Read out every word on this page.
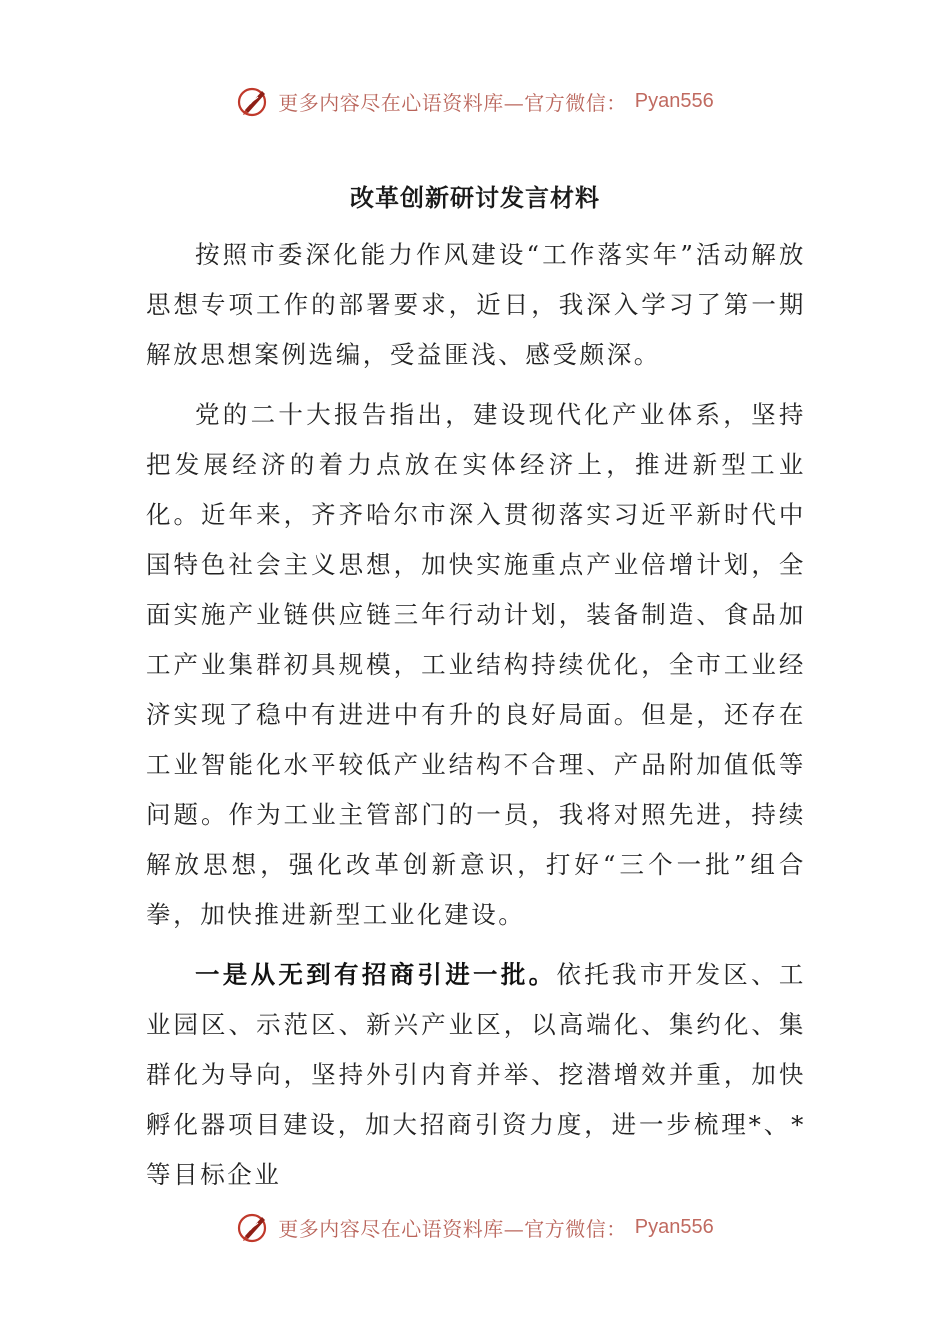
更多内容尽在心语资料库—官方微信： Pyan556
改革创新研讨发言材料

按照市委深化能力作风建设“工作落实年”活动解放思想专项工作的部署要求，近日，我深入学习了第一期解放思想案例选编，受益匪浅、感受颇深。

党的二十大报告指出，建设现代化产业体系，坚持把发展经济的着力点放在实体经济上，推进新型工业化。近年来，齐齐哈尔市深入贯彻落实习近平新时代中国特色社会主义思想，加快实施重点产业倍增计划，全面实施产业链供应链三年行动计划，装备制造、食品加工产业集群初具规模，工业结构持续优化，全市工业经济实现了稳中有进进中有升的良好局面。但是，还存在工业智能化水平较低产业结构不合理、产品附加值低等问题。作为工业主管部门的一员，我将对照先进，持续解放思想，强化改革创新意识，打好“三个一批”组合拳，加快推进新型工业化建设。

一是从无到有招商引进一批。依托我市开发区、工业园区、示范区、新兴产业区，以高端化、集约化、集群化为导向，坚持外引内育并举、挖潜增效并重，加快孵化器项目建设，加大招商引资力度，进一步梳理*、*等目标企业

更多内容尽在心语资料库—官方微信： Pyan556
